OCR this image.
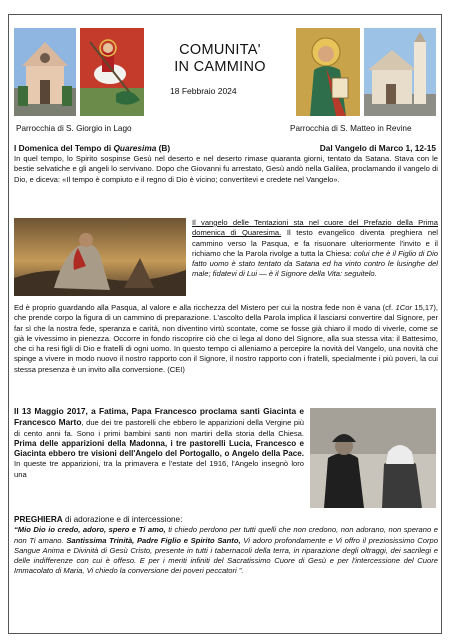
COMUNITA'
IN CAMMINO
18 Febbraio 2024
Parrocchia di S. Giorgio in Lago	Parrocchia di S. Matteo in Revine
I Domenica del Tempo di Quaresima (B)	Dal Vangelo di Marco 1, 12-15
In quel tempo, lo Spirito sospinse Gesù nel deserto e nel deserto rimase quaranta giorni, tentato da Satana. Stava con le bestie selvatiche e gli angeli lo servivano. Dopo che Giovanni fu arrestato, Gesù andò nella Galilea, proclamando il vangelo di Dio, e diceva: «Il tempo è compiuto e il regno di Dio è vicino; convertitevi e credete nel Vangelo».
Il vangelo delle Tentazioni sta nel cuore del Prefazio della Prima domenica di Quaresima. Il testo evangelico diventa preghiera nel cammino verso la Pasqua, e fa risuonare ulteriormente l'invito e il richiamo che la Parola rivolge a tutta la Chiesa: colui che è il Figlio di Dio fatto uomo è stato tentato da Satana ed ha vinto contro le lusinghe del male; fidatevi di Lui — è il Signore della Vita: seguitelo.
Ed è proprio guardando alla Pasqua, al valore e alla ricchezza del Mistero per cui la nostra fede non è vana (cf. 1Cor 15,17), che prende corpo la figura di un cammino di preparazione. L'ascolto della Parola implica il lasciarsi convertire dal Signore, per far sì che la nostra fede, speranza e carità, non diventino virtù scontate, come se fosse già chiaro il modo di viverle, come se già le vivessimo in pienezza. Occorre in fondo riscoprire ciò che ci lega al dono del Signore, alla sua stessa vita: il Battesimo, che ci ha resi figli di Dio e fratelli di ogni uomo. In questo tempo ci alleniamo a percepire la novità del Vangelo, una novità che spinge a vivere in modo nuovo il nostro rapporto con il Signore, il nostro rapporto con i fratelli, specialmente i più poveri, la cui stessa presenza è un invito alla conversione. (CEI)
Il 13 Maggio 2017, a Fatima, Papa Francesco proclama santi Giacinta e Francesco Marto, due dei tre pastorelli che ebbero le apparizioni della Vergine più di cento anni fa. Sono i primi bambini santi non martiri della storia della Chiesa. Prima delle apparizioni della Madonna, i tre pastorelli Lucia, Francesco e Giacinta ebbero tre visioni dell'Angelo del Portogallo, o Angelo della Pace. In queste tre apparizioni, tra la primavera e l'estate del 1916, l'Angelo insegnò loro una
PREGHIERA di adorazione e di intercessione:
“Mio Dio io credo, adoro, spero e Ti amo, ti chiedo perdono per tutti quelli che non credono, non adorano, non sperano e non Ti amano. Santissima Trinità, Padre Figlio e Spirito Santo, Vi adoro profondamente e Vi offro il preziosissimo Corpo Sangue Anima e Divinità di Gesù Cristo, presente in tutti i tabernacoli della terra, in riparazione degli oltraggi, dei sacrilegi e delle indifferenze con cui è offeso. E per i meriti infiniti del Sacratissimo Cuore di Gesù e per l'intercessione del Cuore Immacolato di Maria, Vi chiedo la conversione dei poveri peccatori ”.
